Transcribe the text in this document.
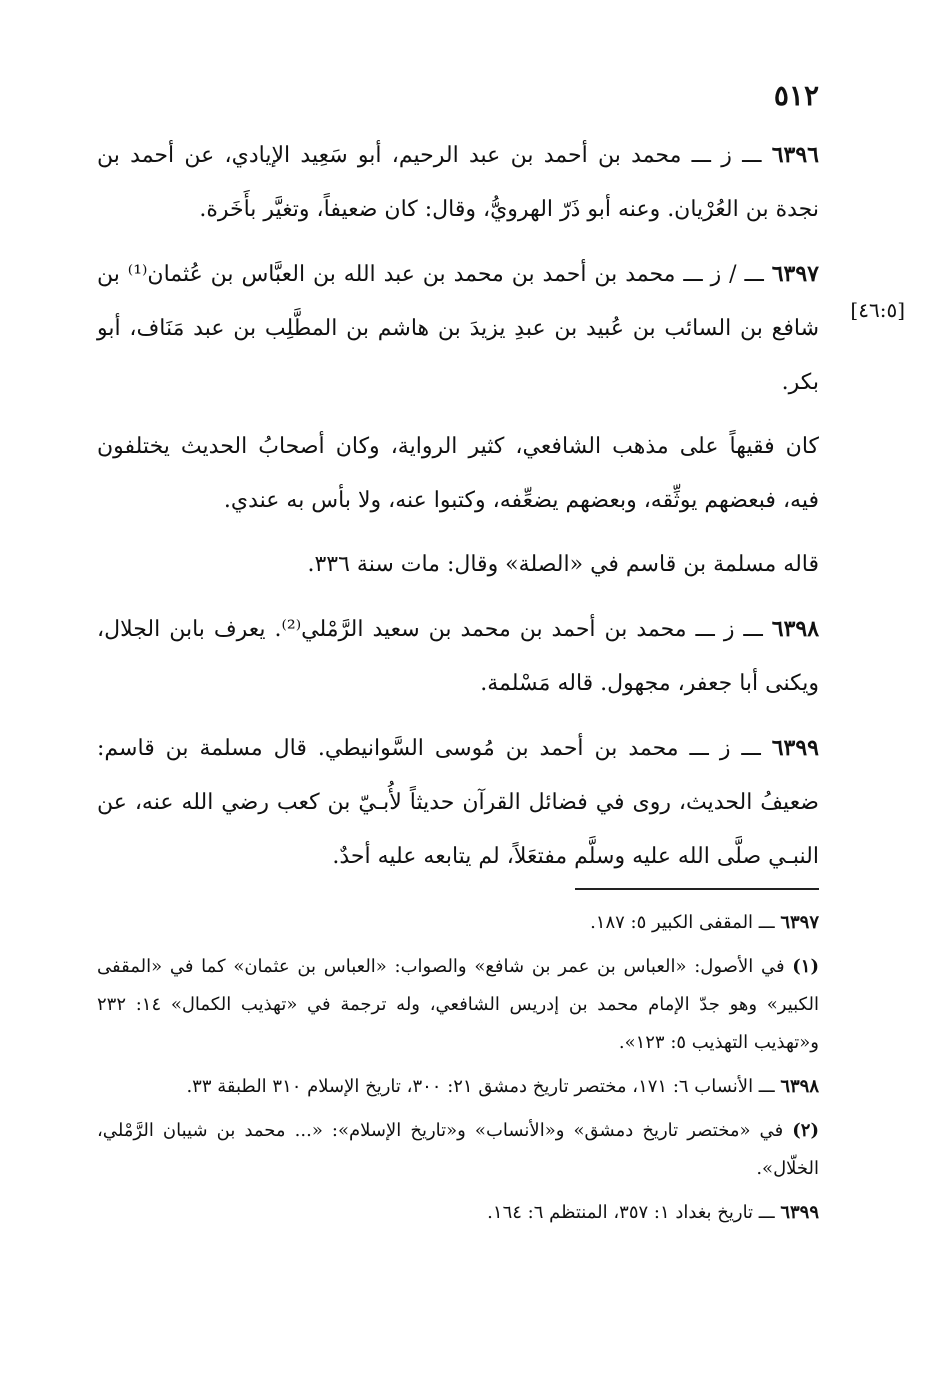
٥١٢
[٤٦:٥]

٦٣٩٦ ـــ ز ـــ محمد بن أحمد بن عبد الرحيم، أبو سَعِيد الإيادي، عن أحمد بن نجدة بن العُرْيان. وعنه أبو ذَرّ الهرويُّ، وقال: كان ضعيفاً، وتغيَّر بأَخَرة.

٦٣٩٧ ـــ / ز ـــ محمد بن أحمد بن محمد بن عبد الله بن العبَّاس بن عُثمان⁽¹⁾ بن شافع بن السائب بن عُبيد بن عبدِ يزيدَ بن هاشم بن المطَّلِب بن عبد مَنَاف، أبو بكر.

كان فقيهاً على مذهب الشافعي، كثير الرواية، وكان أصحابُ الحديث يختلفون فيه، فبعضهم يوثِّقه، وبعضهم يضعِّفه، وكتبوا عنه، ولا بأس به عندي.

قاله مسلمة بن قاسم في «الصلة» وقال: مات سنة ٣٣٦.

٦٣٩٨ ـــ ز ـــ محمد بن أحمد بن محمد بن سعيد الرَّمْلي⁽²⁾. يعرف بابن الجلال، ويكنى أبا جعفر، مجهول. قاله مَسْلمة.

٦٣٩٩ ـــ ز ـــ محمد بن أحمد بن مُوسى السَّوانيطي. قال مسلمة بن قاسم: ضعيفُ الحديث، روى في فضائل القرآن حديثاً لأُبـيّ بن كعب رضي الله عنه، عن النبـي صلَّى الله عليه وسلَّم مفتعَلاً، لم يتابعه عليه أحدٌ.

٦٣٩٧ ـــ المقفى الكبير ٥: ١٨٧.

(١) في الأصول: «العباس بن عمر بن شافع» والصواب: «العباس بن عثمان» كما في «المقفى الكبير» وهو جدّ الإمام محمد بن إدريس الشافعي، وله ترجمة في «تهذيب الكمال» ١٤: ٢٣٢ و«تهذيب التهذيب ٥: ١٢٣».

٦٣٩٨ ـــ الأنساب ٦: ١٧١، مختصر تاريخ دمشق ٢١: ٣٠٠، تاريخ الإسلام ٣١٠ الطبقة ٣٣.

(٢) في «مختصر تاريخ دمشق» و«الأنساب» و«تاريخ الإسلام»: «... محمد بن شيبان الرَّمْلي، الخلّال».

٦٣٩٩ ـــ تاريخ بغداد ١: ٣٥٧، المنتظم ٦: ١٦٤.
